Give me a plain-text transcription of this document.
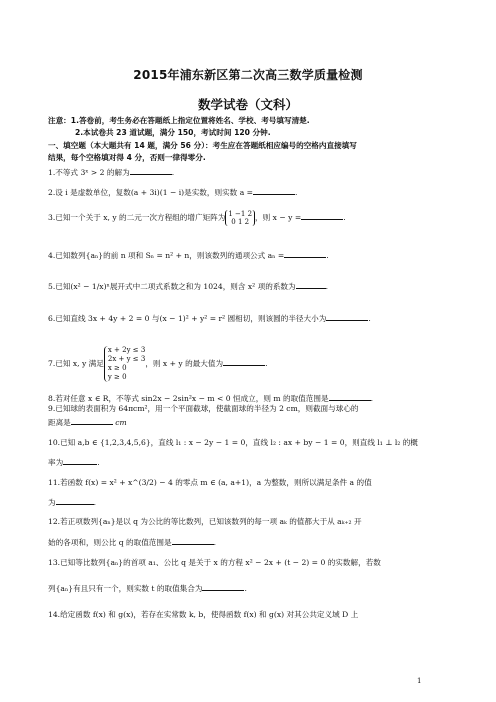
2015年浦东新区第二次高三数学质量检测
数学试卷（文科）
注意：1.答卷前，考生务必在答题纸上指定位置将姓名、学校、考号填写清楚.
2.本试卷共 23 道试题，满分 150，考试时间 120 分钟.
一、填空题（本大题共有 14 题，满分 56 分）：考生应在答题纸相应编号的空格内直接填写
结果，每个空格填对得 4 分，否则一律得零分.
1.不等式 3ˣ > 2 的解为	.
2.设 i 是虚数单位，复数(a + 3i)(1 − i)是实数，则实数 a =	.
3.已知一个关于 x, y 的二元一次方程组的增广矩阵为 1 −1 2
0 1 2 ，则 x − y =	.
4.已知数列{aₙ}的前 n 项和 Sₙ = n² + n，则该数列的通项公式 aₙ =	.
5.已知(x² − 1/x)ⁿ展开式中二项式系数之和为 1024，则含 x² 项的系数为	.
6.已知直线 3x + 4y + 2 = 0 与(x − 1)² + y² = r² 圆相切，则该圆的半径大小为	.
7.已知 x, y 满足x + 2y ≤ 3
2x + y ≤ 3
x ≥ 0
y ≥ 0，则 x + y 的最大值为	.
8.若对任意 x ∈ R，不等式 sin2x − 2sin²x − m < 0 恒成立，则 m 的取值范围是	.
9.已知球的表面积为 64πcm²，用一个平面截球，使截面球的半径为 2 cm，则截面与球心的
距离是	cm
10.已知 a,b ∈ {1,2,3,4,5,6}，直线 l₁ : x − 2y − 1 = 0，直线 l₂ : ax + by − 1 = 0，则直线 l₁ ⊥ l₂ 的概
率为	.
11.若函数 f(x) = x² + x^(3/2) − 4 的零点 m ∈ (a, a+1)，a 为整数，则所以满足条件 a 的值
为	.
12.若正项数列{aₙ}是以 q 为公比的等比数列，已知该数列的每一项 aₖ 的值都大于从 aₖ₊₂ 开
始的各项和，则公比 q 的取值范围是	.
13.已知等比数列{aₙ}的首项 a₁、公比 q 是关于 x 的方程 x² − 2x + (t − 2) = 0 的实数解，若数
列{aₙ}有且只有一个，则实数 t 的取值集合为	.
14.给定函数 f(x) 和 g(x)，若存在实常数 k, b，使得函数 f(x) 和 g(x) 对其公共定义域 D 上
1
